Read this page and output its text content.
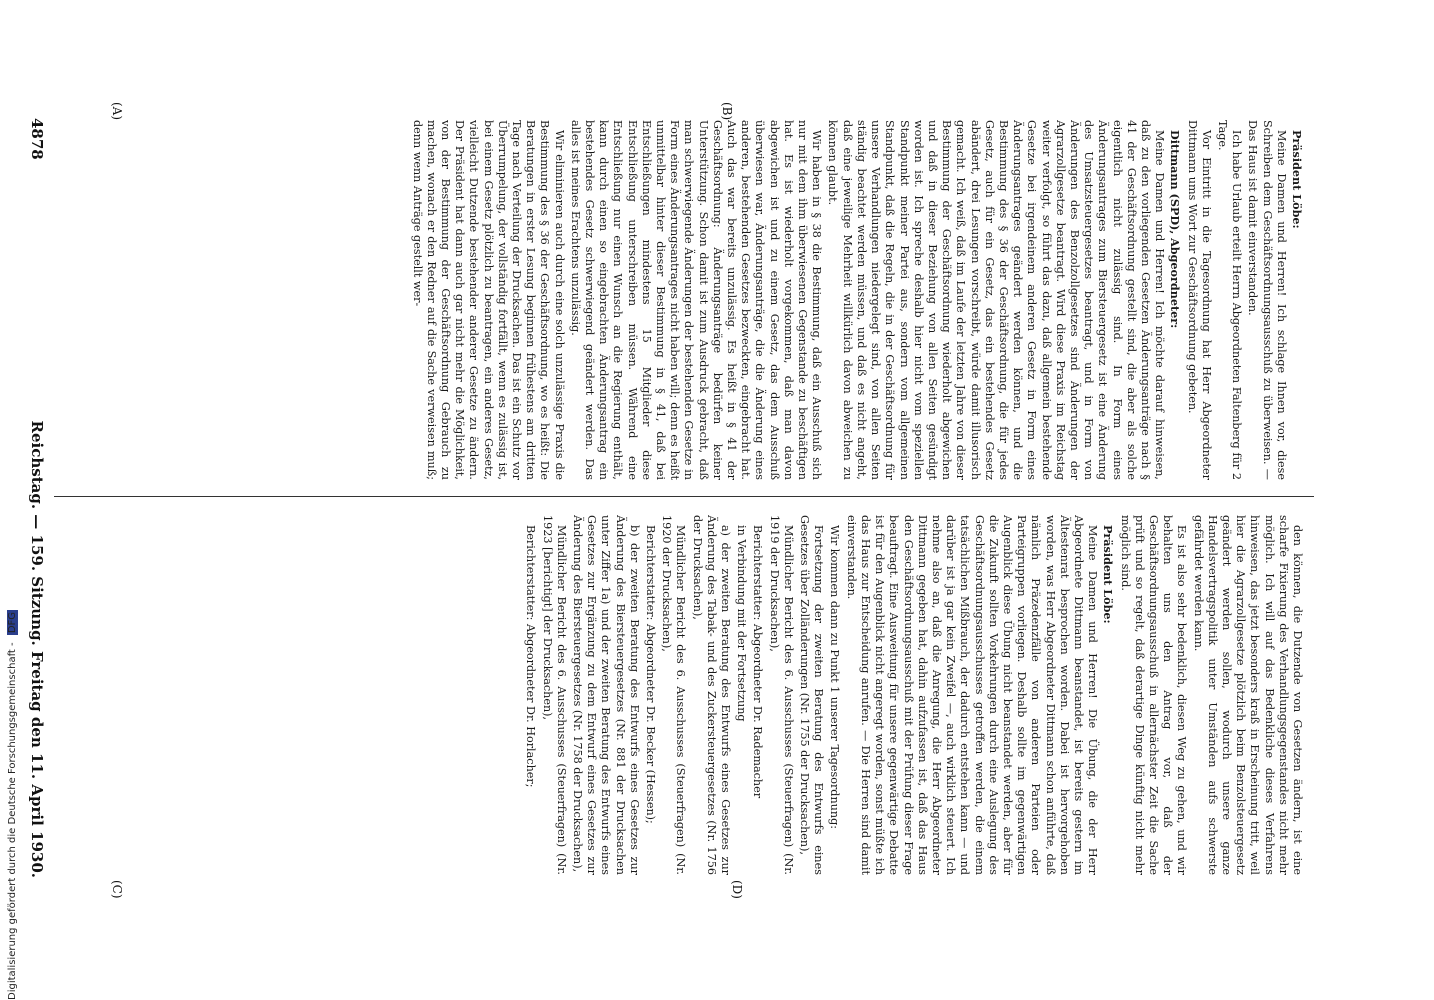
4878
Reichstag. — 159. Sitzung. Freitag den 11. April 1930.
(A)	(B)
(C)	(D)

Präsident Löbe:

Meine Damen und Herren! Ich schlage Ihnen vor, diese Schreiben dem Geschäftsordnungsausschuß zu überweisen. — Das Haus ist damit einverstanden.

Ich habe Urlaub erteilt Herrn Abgeordneten Faltenberg für 2 Tage.

Vor Eintritt in die Tagesordnung hat Herr Abgeordneter Dittmann ums Wort zur Geschäftsordnung gebeten.

Dittmann (SPD), Abgeordneter:

Meine Damen und Herren! Ich möchte darauf hinweisen, daß zu den vorliegenden Gesetzen Änderungsanträge nach § 41 der Geschäftsordnung gestellt sind, die aber als solche eigentlich nicht zulässig sind. In Form eines Änderungsantrages zum Biersteuergesetz ist eine Änderung des Umsatzsteuergesetzes beantragt, und in Form von Änderungen des Benzolzollgesetzes sind Änderungen der Agrarzollgesetze beantragt. Wird diese Praxis im Reichstag weiter verfolgt, so führt das dazu, daß allgemein bestehende Gesetze bei irgendeinem anderen Gesetz in Form eines Änderungsantrages geändert werden können, und die Bestimmung des § 36 der Geschäftsordnung, die für jedes Gesetz, auch für ein Gesetz, das ein bestehendes Gesetz abändert, drei Lesungen vorschreibt, würde damit illusorisch gemacht. Ich weiß, daß im Laufe der letzten Jahre von dieser Bestimmung der Geschäftsordnung wiederholt abgewichen und daß in dieser Beziehung von allen Seiten gesündigt worden ist. Ich spreche deshalb hier nicht vom speziellen Standpunkt meiner Partei aus, sondern vom allgemeinen Standpunkt, daß die Regeln, die in der Geschäftsordnung für unsere Verhandlungen niedergelegt sind, von allen Seiten ständig beachtet werden müssen, und daß es nicht angeht, daß eine jeweilige Mehrheit willkürlich davon abweichen zu können glaubt.

Wir haben in § 38 die Bestimmung, daß ein Ausschuß sich nur mit dem ihm überwiesenen Gegenstande zu beschäftigen hat. Es ist wiederholt vorgekommen, daß man davon abgewichen ist und zu einem Gesetz, das dem Ausschuß überwiesen war, Änderungsanträge, die die Änderung eines anderen, bestehenden Gesetzes bezweckten, eingebracht hat. Auch das war bereits unzulässig. Es heißt in § 41 der Geschäftsordnung: Änderungsanträge bedürfen keiner Unterstützung. Schon damit ist zum Ausdruck gebracht, daß man schwerwiegende Änderungen der bestehenden Gesetze in Form eines Änderungsantrages nicht haben will; denn es heißt unmittelbar hinter dieser Bestimmung in § 41, daß bei Entschließungen mindestens 15 Mitglieder diese Entschließung unterschreiben müssen. Während eine Entschließung nur einen Wunsch an die Regierung enthält, kann durch einen so eingebrachten Änderungsantrag ein bestehendes Gesetz schwerwiegend geändert werden. Das alles ist meines Erachtens unzulässig.

Wir eliminieren auch durch eine solch unzulässige Praxis die Bestimmung des § 36 der Geschäftsordnung, wo es heißt: Die Beratungen in erster Lesung beginnen frühestens am dritten Tage nach Verteilung der Drucksachen. Das ist ein Schutz vor Überrumpelung, der vollständig fortfällt, wenn es zulässig ist, bei einem Gesetz plötzlich zu beantragen, ein anderes Gesetz, vielleicht Dutzende bestehender anderer Gesetze zu ändern. Der Präsident hat dann auch gar nicht mehr die Möglichkeit, von der Bestimmung der Geschäftsordnung Gebrauch zu machen, wonach er den Redner auf die Sache verweisen muß; denn wenn Anträge gestellt wer-

den können, die Dutzende von Gesetzen ändern, ist eine scharfe Fixierung des Verhandlungsgegenstandes nicht mehr möglich. Ich will auf das Bedenkliche dieses Verfahrens hinweisen, das jetzt besonders kraß in Erscheinung tritt, weil hier die Agrarzollgesetze plötzlich beim Benzolsteuergesetz geändert werden sollen, wodurch unsere ganze Handelsvertragspolitik unter Umständen aufs schwerste gefährdet werden kann.

Es ist also sehr bedenklich, diesen Weg zu gehen, und wir behalten uns den Antrag vor, daß der Geschäftsordnungsausschuß in allernächster Zeit die Sache prüft und so regelt, daß derartige Dinge künftig nicht mehr möglich sind.

Präsident Löbe:

Meine Damen und Herren! Die Übung, die der Herr Abgeordnete Dittmann beanstandet, ist bereits gestern im Ältestenrat besprochen worden. Dabei ist hervorgehoben worden, was Herr Abgeordneter Dittmann schon anführte, daß nämlich Präzedenzfälle von anderen Parteien oder Parteigruppen vorliegen. Deshalb sollte im gegenwärtigen Augenblick diese Übung nicht beanstandet werden, aber für die Zukunft sollten Vorkehrungen durch eine Auslegung des Geschäftsordnungsausschusses getroffen werden, die einem tatsächlichen Mißbrauch, der dadurch entstehen kann — und darüber ist ja gar kein Zweifel —, auch wirklich steuert. Ich nehme also an, daß die Anregung, die Herr Abgeordneter Dittmann gegeben hat, dahin aufzufassen ist, daß das Haus den Geschäftsordnungsausschuß mit der Prüfung dieser Frage beauftragt. Eine Ausweitung für unsere gegenwärtige Debatte ist für den Augenblick nicht angeregt worden, sonst müßte ich das Haus zur Entscheidung anrufen. — Die Herren sind damit einverstanden.

Wir kommen dann zu Punkt 1 unserer Tagesordnung:

Fortsetzung der zweiten Beratung des Entwurfs eines Gesetzes über Zolländerungen (Nr. 1755 der Drucksachen),

Mündlicher Bericht des 6. Ausschusses (Steuerfragen) (Nr. 1919 der Drucksachen),

Berichterstatter: Abgeordneter Dr. Rademacher

in Verbindung mit der Fortsetzung

a) der zweiten Beratung des Entwurfs eines Gesetzes zur Änderung des Tabak- und des Zuckersteuergesetzes (Nr. 1756 der Drucksachen),

Mündlicher Bericht des 6. Ausschusses (Steuerfragen) (Nr. 1920 der Drucksachen),

Berichterstatter: Abgeordneter Dr. Becker (Hessen);

b) der zweiten Beratung des Entwurfs eines Gesetzes zur Änderung des Biersteuergesetzes (Nr. 881 der Drucksachen unter Ziffer 1a) und der zweiten Beratung des Entwurfs eines Gesetzes zur Ergänzung zu dem Entwurf eines Gesetzes zur Änderung des Biersteuergesetzes (Nr. 1758 der Drucksachen),

Mündlicher Bericht des 6. Ausschusses (Steuerfragen) (Nr. 1923 [berichtigt] der Drucksachen),

Berichterstatter: Abgeordneter Dr. Horlacher;

Digitalisierung gefördert durch die Deutsche Forschungsgemeinschaft - DFG
